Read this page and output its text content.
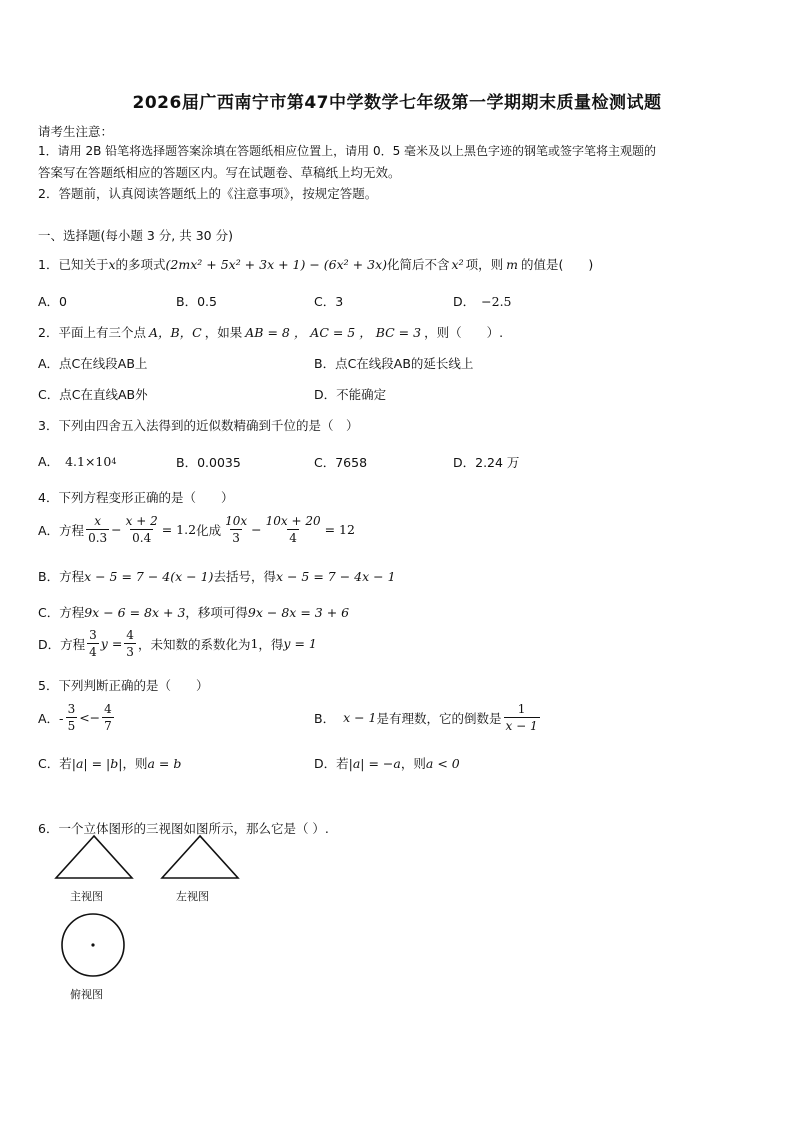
2026届广西南宁市第47中学数学七年级第一学期期末质量检测试题
请考生注意：
1．请用 2B 铅笔将选择题答案涂填在答题纸相应位置上，请用 0．5 毫米及以上黑色字迹的钢笔或签字笔将主观题的
答案写在答题纸相应的答题区内。写在试题卷、草稿纸上均无效。
2．答题前，认真阅读答题纸上的《注意事项》，按规定答题。
一、选择题(每小题 3 分, 共 30 分)
1．已知关于 x 的多项式 (2mx² + 5x² + 3x + 1) − (6x² + 3x) 化简后不含 x² 项，则 m 的值是(　　)
A．0	B．0.5	C．3	D． −2.5
2．平面上有三个点 A，B，C ，如果 AB = 8 ， AC = 5 ， BC = 3 ，则（　　）.
A．点C在线段AB上	B．点C在线段AB的延长线上
C．点C在直线AB外	D．不能确定
3．下列由四舍五入法得到的近似数精确到千位的是（　）
A． 4.1×10 4	B．0.0035	C．7658	D．2.24 万
4．下列方程变形正确的是（　　）
A．方程 $\frac{x}{0.3} - \frac{x + 2}{0.4} = 1.2$ 化成 $\frac{10x}{3} - \frac{10x + 20}{4} = 12$
B．方程 x − 5 = 7 − 4(x − 1) 去括号，得 x − 5 = 7 − 4x − 1
C．方程 9x − 6 = 8x + 3 ，移项可得 9x − 8x = 3 + 6
D．方程 $\frac{3}{4}$ $y = \frac{4}{3}$ ，未知数的系数化为 1 ，得 y = 1
5．下列判断正确的是（　　）
A．- $\frac{3}{5} <- \frac{4}{7}$	B． x − 1 是有理数，它的倒数是 $\frac{1}{x - 1}$
C．若 |a| = |b| ，则 a = b	D．若 |a| = −a ，则 a < 0
6．一个立体图形的三视图如图所示，那么它是（ ）.
主视图	左视图
俯视图
